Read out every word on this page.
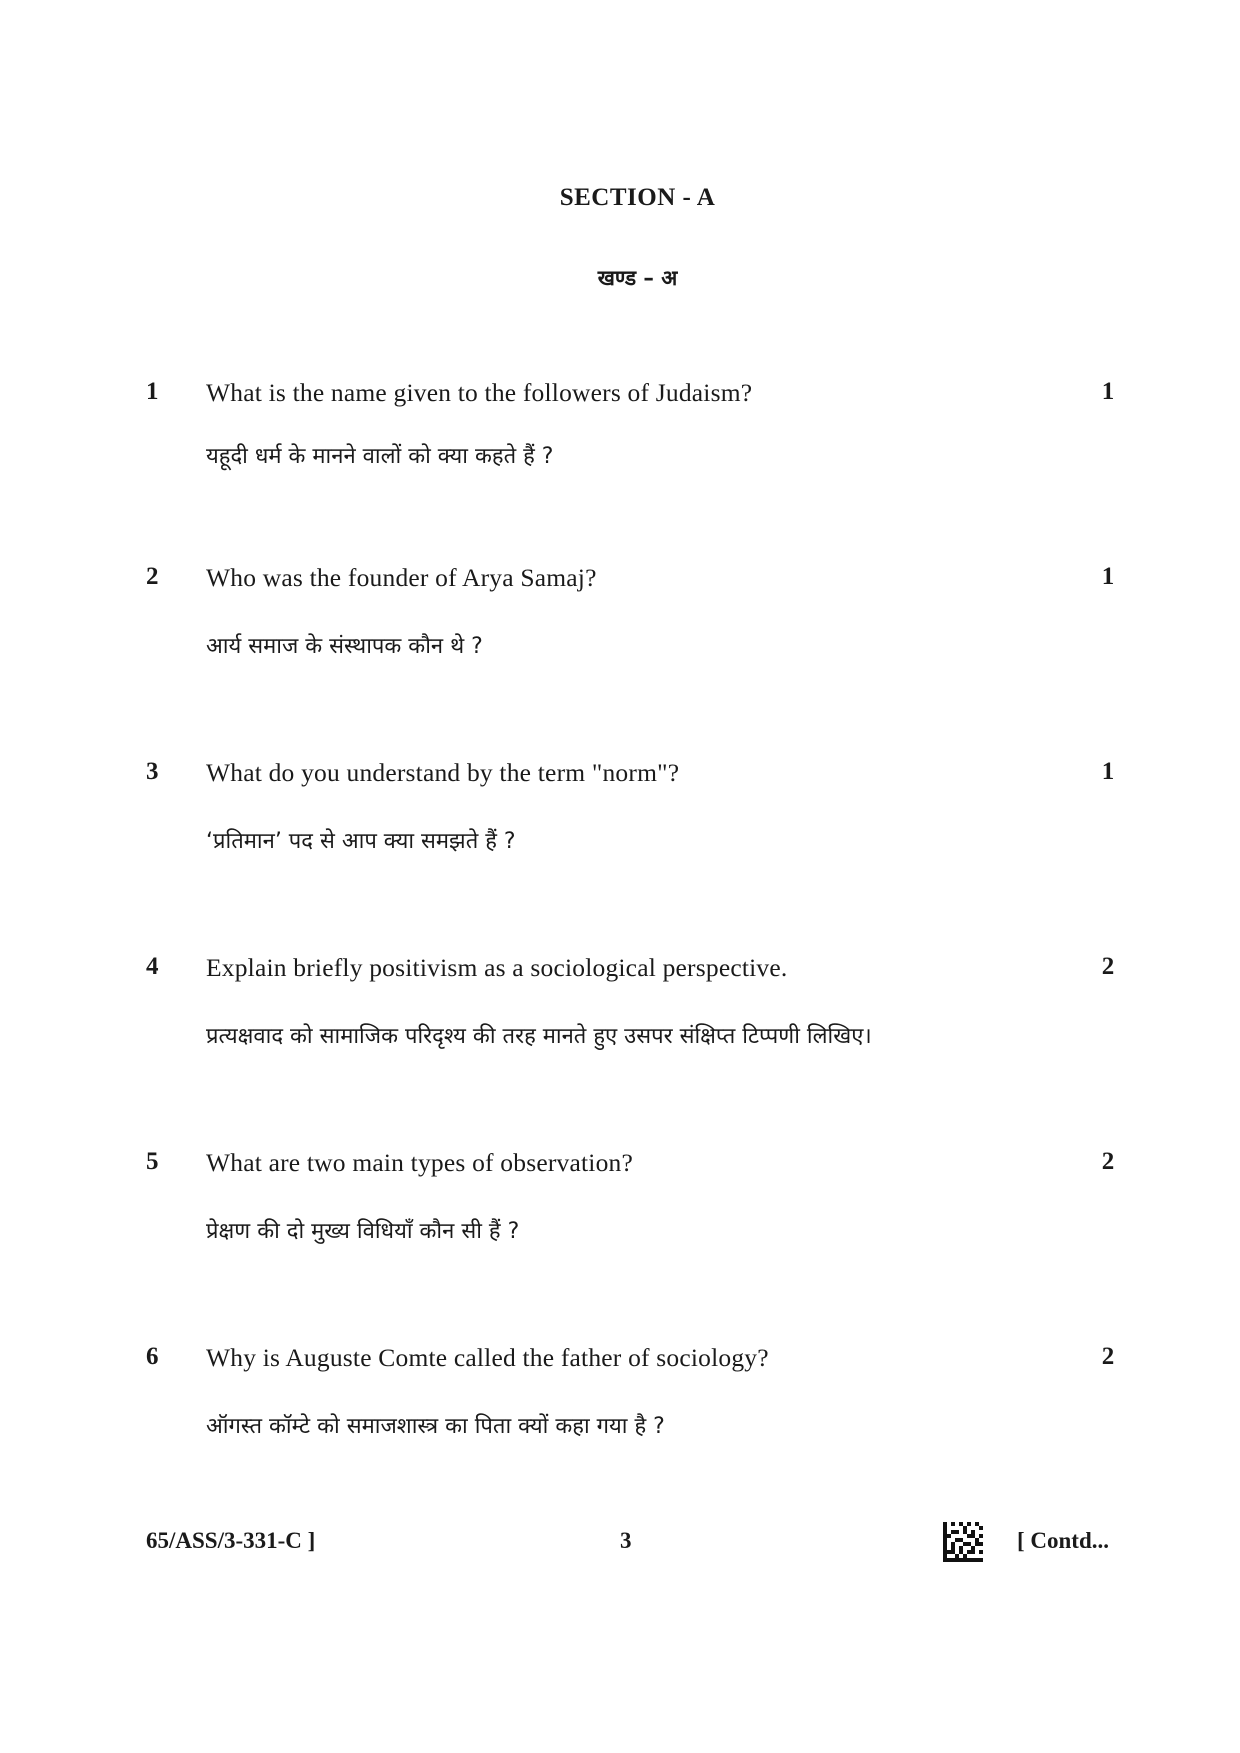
SECTION - A
खण्ड – अ
1 What is the name given to the followers of Judaism?
यहूदी धर्म के मानने वालों को क्या कहते हैं ?
1
2 Who was the founder of Arya Samaj?
आर्य समाज के संस्थापक कौन थे ?
1
3 What do you understand by the term "norm"?
‘प्रतिमान’ पद से आप क्या समझते हैं ?
1
4 Explain briefly positivism as a sociological perspective.
प्रत्यक्षवाद को सामाजिक परिदृश्य की तरह मानते हुए उसपर संक्षिप्त टिप्पणी लिखिए।
2
5 What are two main types of observation?
प्रेक्षण की दो मुख्य विधियाँ कौन सी हैं ?
2
6 Why is Auguste Comte called the father of sociology?
ऑगस्त कॉम्टे को समाजशास्त्र का पिता क्यों कहा गया है ?
2
65/ASS/3-331-C ]	3	[ Contd...
